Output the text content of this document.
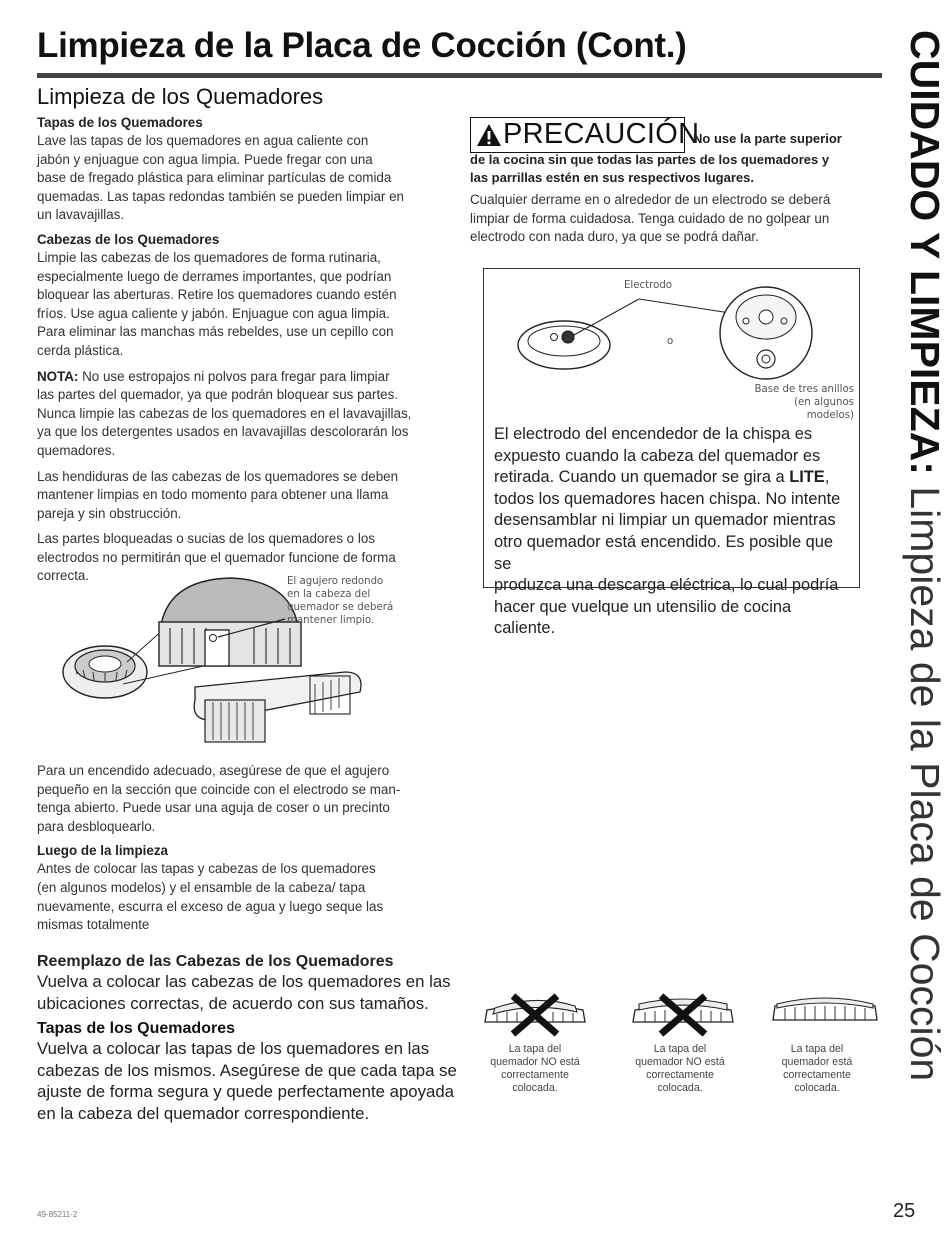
Limpieza de la Placa de Cocción (Cont.)
Limpieza de los Quemadores

Tapas de los Quemadores

Lave las tapas de los quemadores en agua caliente con
jabón y enjuague con agua limpia. Puede fregar con una
base de fregado plástica para eliminar partículas de comida
quemadas. Las tapas redondas también se pueden limpiar en
un lavavajillas.

Cabezas de los Quemadores

Limpie las cabezas de los quemadores de forma rutinaria,
especialmente luego de derrames importantes, que podrían
bloquear las aberturas. Retire los quemadores cuando estén
fríos. Use agua caliente y jabón. Enjuague con agua limpia.
Para eliminar las manchas más rebeldes, use un cepillo con
cerda plástica.

NOTA: No use estropajos ni polvos para fregar para limpiar
las partes del quemador, ya que podrán bloquear sus partes.
Nunca limpie las cabezas de los quemadores en el lavavajillas,
ya que los detergentes usados en lavavajillas descolorarán los
quemadores.

Las hendiduras de las cabezas de los quemadores se deben
mantener limpias en todo momento para obtener una llama
pareja y sin obstrucción.

Las partes bloqueadas o sucias de los quemadores o los
electrodos no permitirán que el quemador funcione de forma
correcta.	El agujero redondo
en la cabeza del
quemador se deberá
mantener limpio.

Para un encendido adecuado, asegúrese de que el agujero
pequeño en la sección que coincide con el electrodo se man-
tenga abierto. Puede usar una aguja de coser o un precinto
para desbloquearlo.

Luego de la limpieza

Antes de colocar las tapas y cabezas de los quemadores
(en algunos modelos) y el ensamble de la cabeza/ tapa
nuevamente, escurra el exceso de agua y luego seque las
mismas totalmente

PRECAUCIÓN
No use la parte superior
de la cocina sin que todas las partes de los quemadores y
las parrillas estén en sus respectivos lugares.

Cualquier derrame en o alrededor de un electrodo se deberá
limpiar de forma cuidadosa. Tenga cuidado de no golpear un
electrodo con nada duro, ya que se podrá dañar.

Electrodo
o
Base de tres anillos
(en algunos modelos)

El electrodo del encendedor de la chispa es
expuesto cuando la cabeza del quemador es
retirada. Cuando un quemador se gira a LITE,
todos los quemadores hacen chispa. No intente
desensamblar ni limpiar un quemador mientras
otro quemador está encendido. Es posible que se
produzca una descarga eléctrica, lo cual podría
hacer que vuelque un utensilio de cocina caliente.

Reemplazo de las Cabezas de los Quemadores

Vuelva a colocar las cabezas de los quemadores en las
ubicaciones correctas, de acuerdo con sus tamaños.

Tapas de los Quemadores

Vuelva a colocar las tapas de los quemadores en las
cabezas de los mismos. Asegúrese de que cada tapa se
ajuste de forma segura y quede perfectamente apoyada
en la cabeza del quemador correspondiente.

La tapa del
quemador NO está
correctamente
colocada.
La tapa del
quemador NO está
correctamente
colocada.
La tapa del
quemador está
correctamente
colocada.
CUIDADO Y LIMPIEZA: Limpieza de la Placa de Cocción
49-85211-2	25
